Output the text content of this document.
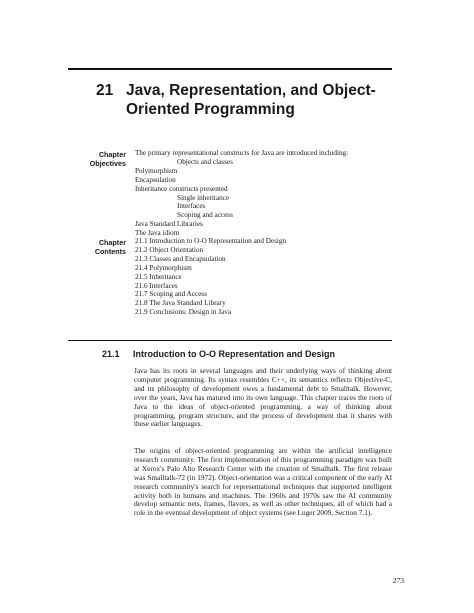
21 Java, Representation, and Object-Oriented Programming
Chapter Objectives
The primary representational constructs for Java are introduced including:
Objects and classes
Polymorphism
Encapsulation
Inheritance constructs presented
Single inheritance
Interfaces
Scoping and access
Java Standard Libraries
The Java idiom
Chapter Contents
21.1 Introduction to O-O Representation and Design
21.2 Object Orientation
21.3 Classes and Encapsulation
21.4 Polymorphism
21.5 Inheritance
21.6 Interfaces
21.7 Scoping and Access
21.8 The Java Standard Library
21.9 Conclusions: Design in Java
21.1 Introduction to O-O Representation and Design

Java has its roots in several languages and their underlying ways of thinking about computer programming. Its syntax resembles C++, its semantics reflects Objective-C, and its philosophy of development owes a fundamental debt to Smalltalk. However, over the years, Java has matured into its own language. This chapter traces the roots of Java to the ideas of object-oriented programming, a way of thinking about programming, program structure, and the process of development that it shares with these earlier languages.

The origins of object-oriented programming are within the artificial intelligence research community. The first implementation of this programming paradigm was built at Xerox's Palo Alto Research Center with the creation of Smalltalk. The first release was Smalltalk-72 (in 1972). Object-orientation was a critical component of the early AI research community's search for representational techniques that supported intelligent activity both in humans and machines. The 1960s and 1970s saw the AI community develop semantic nets, frames, flavors, as well as other techniques, all of which had a role in the eventual development of object systems (see Luger 2009, Section 7.1).

273
